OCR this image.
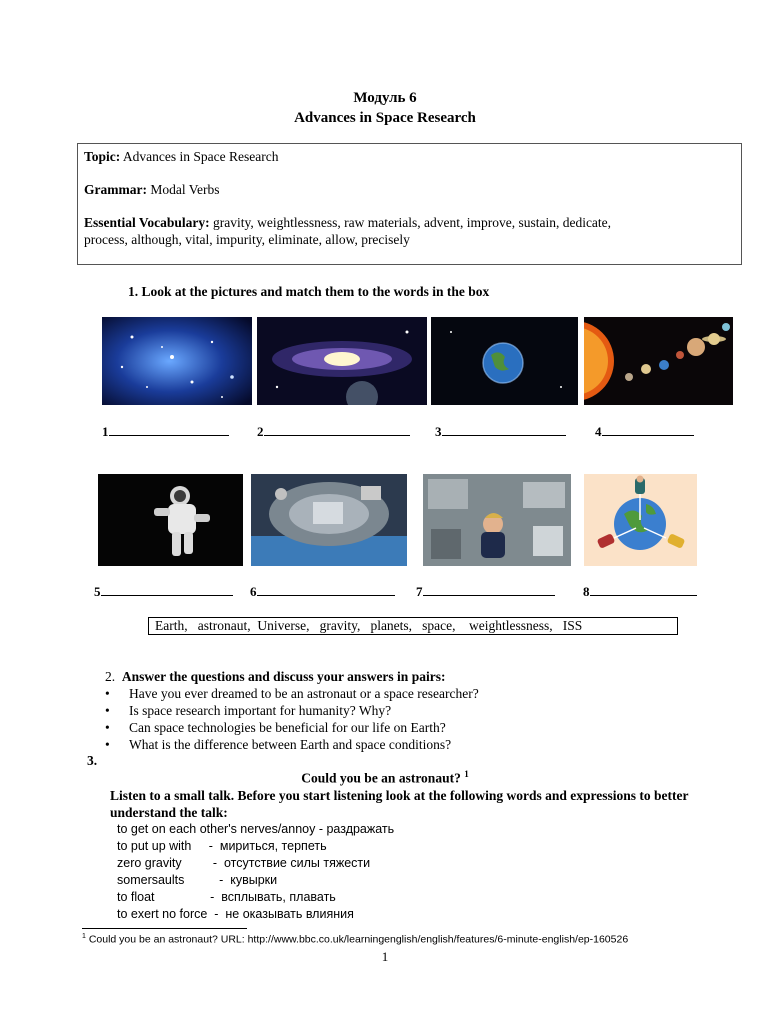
Модуль 6
Advances in Space Research

Topic: Advances in Space Research

Grammar: Modal Verbs

Essential Vocabulary: gravity, weightlessness, raw materials, advent, improve, sustain, dedicate,
process, although, vital, impurity, eliminate, allow, precisely

1. Look at the pictures and match them to the words in the box
1	2	3	4
5	6	7	8
Earth,   astronaut,  Universe,   gravity,   planets,   space,    weightlessness,   ISS
2. Answer the questions and discuss your answers in pairs:
• Have you ever dreamed to be an astronaut or a space researcher?
• Is space research important for humanity? Why?
• Can space technologies be beneficial for our life on Earth?
• What is the difference between Earth and space conditions?
3.
Could you be an astronaut? $^1$
Listen to a small talk. Before you start listening look at the following words and expressions to better understand the talk:
to get on each other's nerves/annoy - раздражать
to put up with     -  мириться, терпеть
zero gravity         -  отсутствие силы тяжести
somersaults          -  кувырки
to float                -  всплывать, плавать
to exert no force  -  не оказывать влияния
$^1$ Could you be an astronaut? URL: http://www.bbc.co.uk/learningenglish/english/features/6-minute-english/ep-160526
1
